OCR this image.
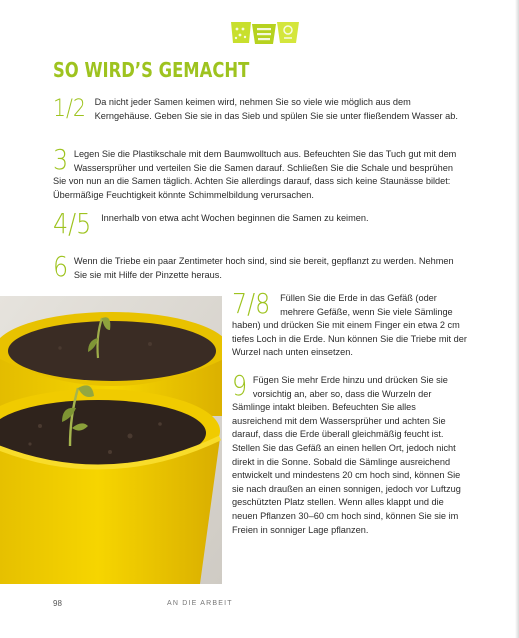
SO WIRD’S GEMACHT
1/2 Da nicht jeder Samen keimen wird, nehmen Sie so viele wie möglich aus dem Kerngehäuse. Geben Sie sie in das Sieb und spülen Sie sie unter fließendem Wasser ab.
3 Legen Sie die Plastikschale mit dem Baumwolltuch aus. Befeuchten Sie das Tuch gut mit dem Wassersprüher und verteilen Sie die Samen darauf. Schließen Sie die Schale und besprühen Sie von nun an die Samen täglich. Achten Sie allerdings darauf, dass sich keine Staunässe bildet: Übermäßige Feuchtigkeit könnte Schimmelbildung verursachen.
4/5 Innerhalb von etwa acht Wochen beginnen die Samen zu keimen.
6 Wenn die Triebe ein paar Zentimeter hoch sind, sind sie bereit, gepflanzt zu werden. Nehmen Sie sie mit Hilfe der Pinzette heraus.
7/8 Füllen Sie die Erde in das Gefäß (oder mehrere Gefäße, wenn Sie viele Sämlinge haben) und drücken Sie mit einem Finger ein etwa 2 cm tiefes Loch in die Erde. Nun können Sie die Triebe mit der Wurzel nach unten einsetzen.
9 Fügen Sie mehr Erde hinzu und drücken Sie sie vorsichtig an, aber so, dass die Wurzeln der Sämlinge intakt bleiben. Befeuchten Sie alles ausreichend mit dem Wassersprüher und achten Sie darauf, dass die Erde überall gleichmäßig feucht ist. Stellen Sie das Gefäß an einen hellen Ort, jedoch nicht direkt in die Sonne. Sobald die Sämlinge ausreichend entwickelt und mindestens 20 cm hoch sind, können Sie sie nach draußen an einen sonnigen, jedoch vor Luftzug geschützten Platz stellen. Wenn alles klappt und die neuen Pflanzen 30–60 cm hoch sind, können Sie sie im Freien in sonniger Lage pflanzen.
98	AN DIE ARBEIT
